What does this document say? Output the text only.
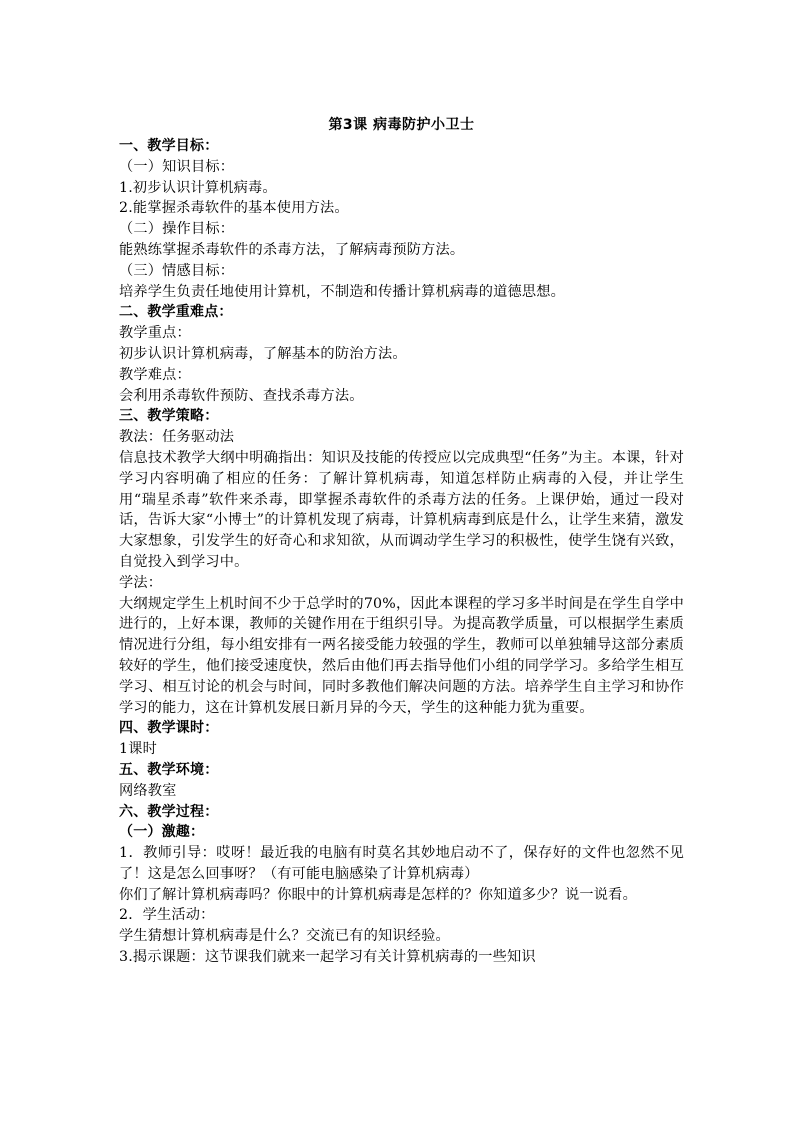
第3课 病毒防护小卫士

一、教学目标：

（一）知识目标：

1.初步认识计算机病毒。

2.能掌握杀毒软件的基本使用方法。

（二）操作目标：

能熟练掌握杀毒软件的杀毒方法，了解病毒预防方法。

（三）情感目标：

培养学生负责任地使用计算机，不制造和传播计算机病毒的道德思想。

二、教学重难点：

教学重点：

初步认识计算机病毒，了解基本的防治方法。

教学难点：

会利用杀毒软件预防、查找杀毒方法。

三、教学策略：

教法：任务驱动法

信息技术教学大纲中明确指出：知识及技能的传授应以完成典型“任务”为主。本课，针对学习内容明确了相应的任务：了解计算机病毒，知道怎样防止病毒的入侵，并让学生用“瑞星杀毒”软件来杀毒，即掌握杀毒软件的杀毒方法的任务。上课伊始，通过一段对话，告诉大家“小博士”的计算机发现了病毒，计算机病毒到底是什么，让学生来猜，激发大家想象，引发学生的好奇心和求知欲，从而调动学生学习的积极性，使学生饶有兴致，自觉投入到学习中。

学法：

大纲规定学生上机时间不少于总学时的70%，因此本课程的学习多半时间是在学生自学中进行的，上好本课，教师的关键作用在于组织引导。为提高教学质量，可以根据学生素质情况进行分组，每小组安排有一两名接受能力较强的学生，教师可以单独辅导这部分素质较好的学生，他们接受速度快，然后由他们再去指导他们小组的同学学习。多给学生相互学习、相互讨论的机会与时间，同时多教他们解决问题的方法。培养学生自主学习和协作学习的能力，这在计算机发展日新月异的今天，学生的这种能力犹为重要。

四、教学课时：

1课时

五、教学环境：

网络教室

六、教学过程：

（一）激趣：

1．教师引导：哎呀！最近我的电脑有时莫名其妙地启动不了，保存好的文件也忽然不见了！这是怎么回事呀？（有可能电脑感染了计算机病毒）

你们了解计算机病毒吗？你眼中的计算机病毒是怎样的？你知道多少？说一说看。

2．学生活动：

学生猜想计算机病毒是什么？交流已有的知识经验。

3.揭示课题：这节课我们就来一起学习有关计算机病毒的一些知识
